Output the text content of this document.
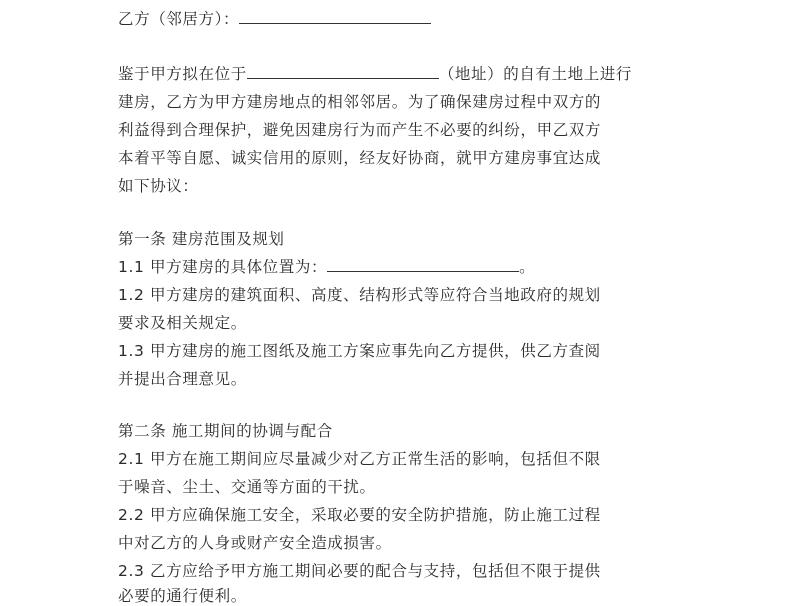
乙方（邻居方）：
鉴于甲方拟在位于	（地址）的自有土地上进行
建房，乙方为甲方建房地点的相邻邻居。为了确保建房过程中双方的
利益得到合理保护，避免因建房行为而产生不必要的纠纷，甲乙双方
本着平等自愿、诚实信用的原则，经友好协商，就甲方建房事宜达成
如下协议：
第一条 建房范围及规划
1.1 甲方建房的具体位置为：	。
1.2 甲方建房的建筑面积、高度、结构形式等应符合当地政府的规划
要求及相关规定。
1.3 甲方建房的施工图纸及施工方案应事先向乙方提供，供乙方查阅
并提出合理意见。
第二条 施工期间的协调与配合
2.1 甲方在施工期间应尽量减少对乙方正常生活的影响，包括但不限
于噪音、尘土、交通等方面的干扰。
2.2 甲方应确保施工安全，采取必要的安全防护措施，防止施工过程
中对乙方的人身或财产安全造成损害。
2.3 乙方应给予甲方施工期间必要的配合与支持，包括但不限于提供
必要的通行便利。
